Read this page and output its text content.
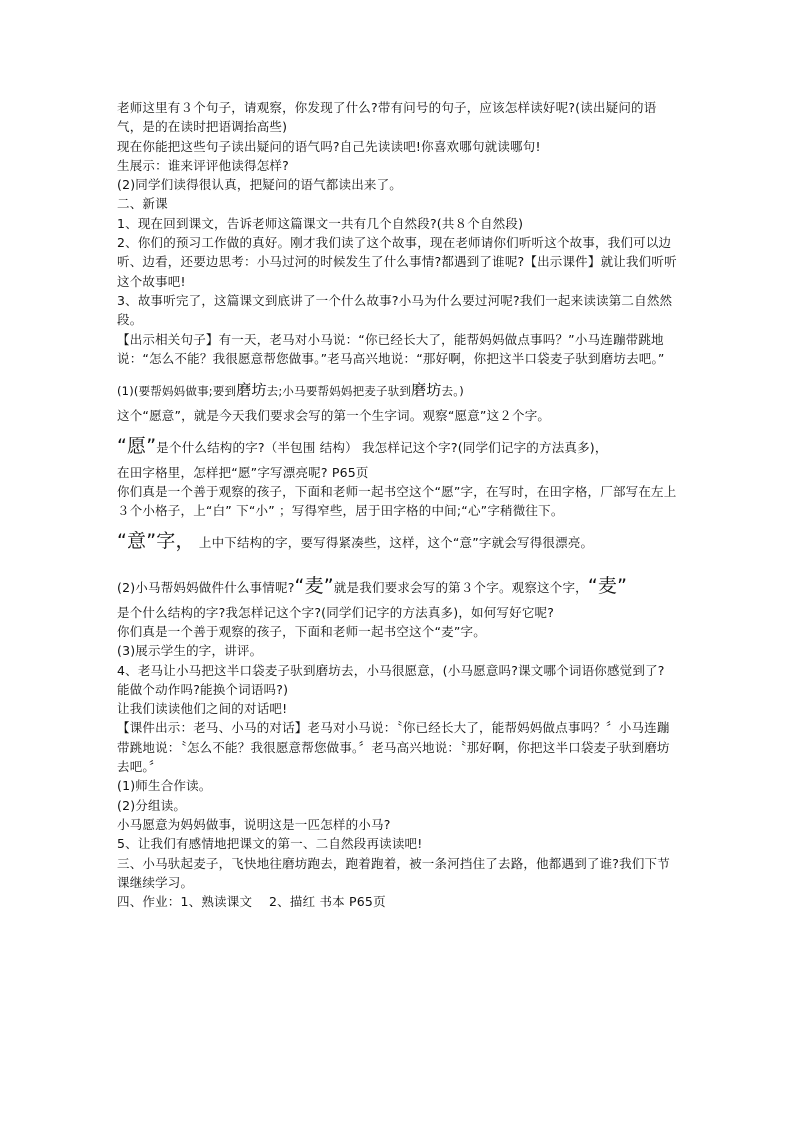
老师这里有３个句子，请观察，你发现了什么?带有问号的句子，应该怎样读好呢?(读出疑问的语气，是的在读时把语调抬高些)

现在你能把这些句子读出疑问的语气吗?自己先读读吧!你喜欢哪句就读哪句!

生展示：谁来评评他读得怎样?

(2)同学们读得很认真，把疑问的语气都读出来了。

二、新课

1、现在回到课文，告诉老师这篇课文一共有几个自然段?(共８个自然段)

2、你们的预习工作做的真好。刚才我们读了这个故事，现在老师请你们听听这个故事，我们可以边听、边看，还要边思考：小马过河的时候发生了什么事情?都遇到了谁呢?【出示课件】就让我们听听这个故事吧!

3、故事听完了，这篇课文到底讲了一个什么故事?小马为什么要过河呢?我们一起来读读第二自然然段。

【出示相关句子】有一天，老马对小马说：“你已经长大了，能帮妈妈做点事吗？”小马连蹦带跳地说：“怎么不能？我很愿意帮您做事。”老马高兴地说：“那好啊，你把这半口袋麦子驮到磨坊去吧。”

(1)(要帮妈妈做事;要到磨坊去;小马要帮妈妈把麦子驮到磨坊去。)

这个“愿意”，就是今天我们要求会写的第一个生字词。观察“愿意”这２个字。

“愿”是个什么结构的字?（半包围 结构） 我怎样记这个字?(同学们记字的方法真多)，

在田字格里，怎样把“愿”字写漂亮呢? P65页

你们真是一个善于观察的孩子，下面和老师一起书空这个“愿”字，在写时，在田字格，厂部写在左上３个小格子，上“白” 下“小” ；写得窄些，居于田字格的中间;“心”字稍微往下。

“意”字， 上中下结构的字，要写得紧凑些，这样，这个“意”字就会写得很漂亮。

(2)小马帮妈妈做件什么事情呢?“麦”就是我们要求会写的第３个字。观察这个字，“麦”

是个什么结构的字?我怎样记这个字?(同学们记字的方法真多)，如何写好它呢?

你们真是一个善于观察的孩子，下面和老师一起书空这个“麦”字。

(3)展示学生的字，讲评。

4、老马让小马把这半口袋麦子驮到磨坊去，小马很愿意，(小马愿意吗?课文哪个词语你感觉到了?能做个动作吗?能换个词语吗?)

让我们读读他们之间的对话吧!

【课件出示：老马、小马的对话】老马对小马说：〝你已经长大了，能帮妈妈做点事吗？〞小马连蹦带跳地说：〝怎么不能？我很愿意帮您做事。〞老马高兴地说：〝那好啊，你把这半口袋麦子驮到磨坊去吧。〞

(1)师生合作读。

(2)分组读。

小马愿意为妈妈做事，说明这是一匹怎样的小马?

5、让我们有感情地把课文的第一、二自然段再读读吧!

三、小马驮起麦子，飞快地往磨坊跑去，跑着跑着，被一条河挡住了去路，他都遇到了谁?我们下节课继续学习。

四、作业：1、熟读课文　 2、描红 书本 P65页
